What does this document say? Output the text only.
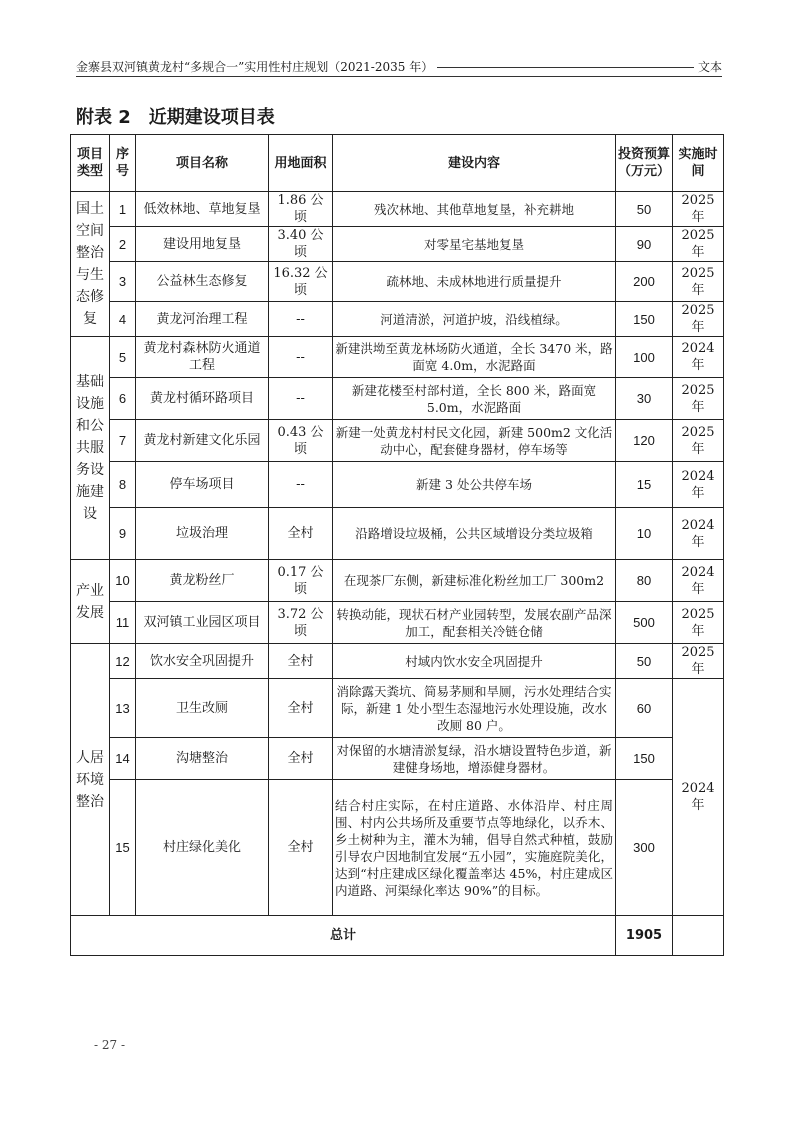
金寨县双河镇黄龙村“多规合一”实用性村庄规划（2021-2035 年）	文本
附表 2　近期建设项目表
项目类型	序号	项目名称	用地面积	建设内容	投资预算（万元）	实施时间
国土空间整治与生态修复	1	低效林地、草地复垦	1.86 公顷	残次林地、其他草地复垦，补充耕地	50	2025 年
	2	建设用地复垦	3.40 公顷	对零星宅基地复垦	90	2025 年
	3	公益林生态修复	16.32 公顷	疏林地、未成林地进行质量提升	200	2025 年
	4	黄龙河治理工程	--	河道清淤，河道护坡，沿线植绿。	150	2025 年
基础设施和公共服务设施建设	5	黄龙村森林防火通道工程	--	新建洪坳至黄龙林场防火通道，全长 3470 米，路面宽 4.0m，水泥路面	100	2024 年
	6	黄龙村循环路项目	--	新建花楼至村部村道，全长 800 米，路面宽 5.0m，水泥路面	30	2025 年
	7	黄龙村新建文化乐园	0.43 公顷	新建一处黄龙村村民文化园，新建 500m2 文化活动中心，配套健身器材，停车场等	120	2025 年
	8	停车场项目	--	新建 3 处公共停车场	15	2024 年
	9	垃圾治理	全村	沿路增设垃圾桶，公共区域增设分类垃圾箱	10	2024 年
产业发展	10	黄龙粉丝厂	0.17 公顷	在现茶厂东侧，新建标准化粉丝加工厂 300m2	80	2024 年
	11	双河镇工业园区项目	3.72 公顷	转换动能，现状石材产业园转型，发展农副产品深加工，配套相关冷链仓储	500	2025 年
人居环境整治	12	饮水安全巩固提升	全村	村域内饮水安全巩固提升	50	2025 年
	13	卫生改厕	全村	消除露天粪坑、简易茅厕和旱厕，污水处理结合实际，新建 1 处小型生态湿地污水处理设施，改水改厕 80 户。	60	2024 年
	14	沟塘整治	全村	对保留的水塘清淤复绿，沿水塘设置特色步道，新建健身场地，增添健身器材。	150	
	15	村庄绿化美化	全村	结合村庄实际，在村庄道路、水体沿岸、村庄周围、村内公共场所及重要节点等地绿化，以乔木、乡土树种为主，灌木为辅，倡导自然式种植，鼓励引导农户因地制宜发展“五小园”，实施庭院美化，达到“村庄建成区绿化覆盖率达 45%，村庄建成区内道路、河渠绿化率达 90%”的目标。	300	
总计					1905	
- 27 -
